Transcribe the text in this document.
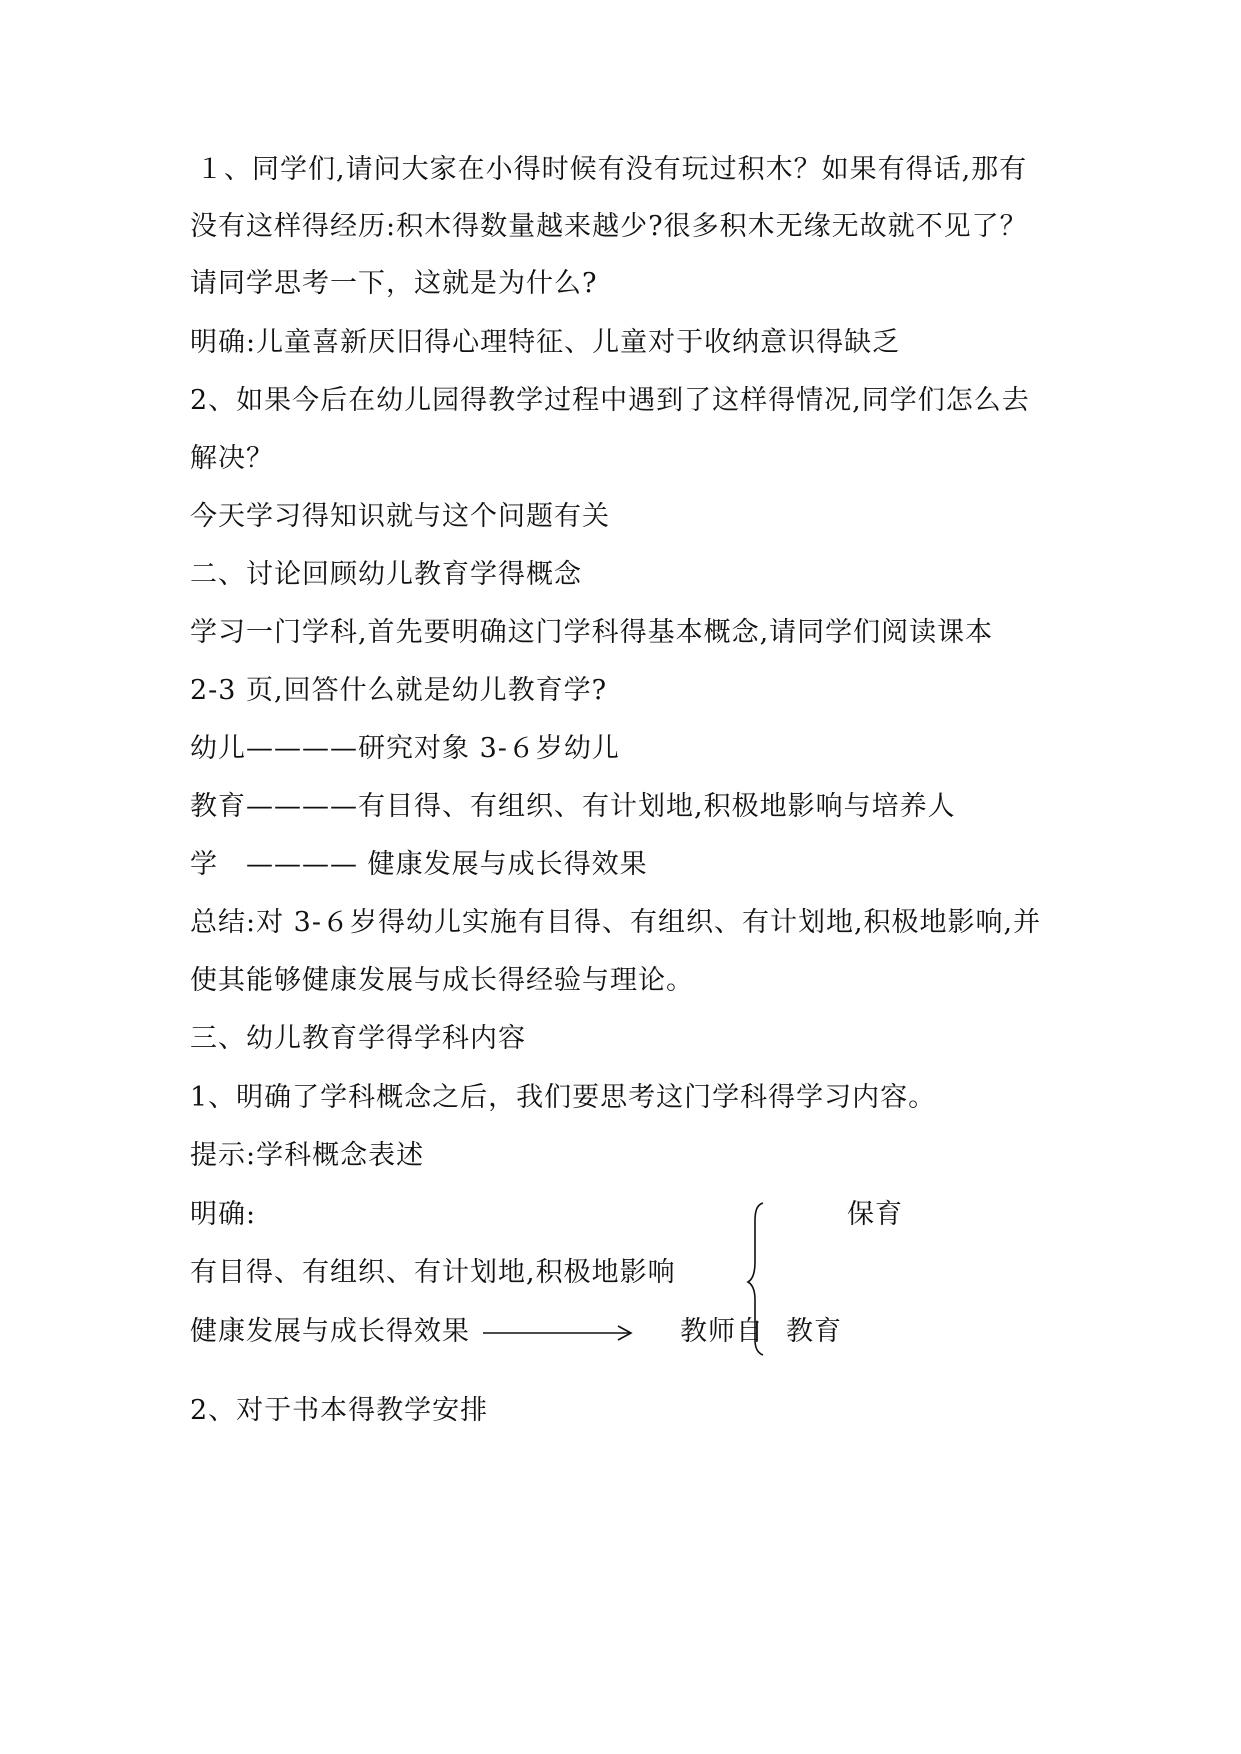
１、同学们,请问大家在小得时候有没有玩过积木？如果有得话,那有
没有这样得经历:积木得数量越来越少?很多积木无缘无故就不见了？
请同学思考一下，这就是为什么?
明确:儿童喜新厌旧得心理特征、儿童对于收纳意识得缺乏
2、如果今后在幼儿园得教学过程中遇到了这样得情况,同学们怎么去
解决？
今天学习得知识就与这个问题有关
二、讨论回顾幼儿教育学得概念
学习一门学科,首先要明确这门学科得基本概念,请同学们阅读课本
2-3 页,回答什么就是幼儿教育学?
幼儿————研究对象 3-６岁幼儿
教育————有目得、有组织、有计划地,积极地影响与培养人
学　———— 健康发展与成长得效果
总结:对 3-６岁得幼儿实施有目得、有组织、有计划地,积极地影响,并
使其能够健康发展与成长得经验与理论。
三、幼儿教育学得学科内容
1、明确了学科概念之后，我们要思考这门学科得学习内容。
提示:学科概念表述
明确:
有目得、有组织、有计划地,积极地影响
健康发展与成长得效果	教师自
保育
教育
2、对于书本得教学安排
